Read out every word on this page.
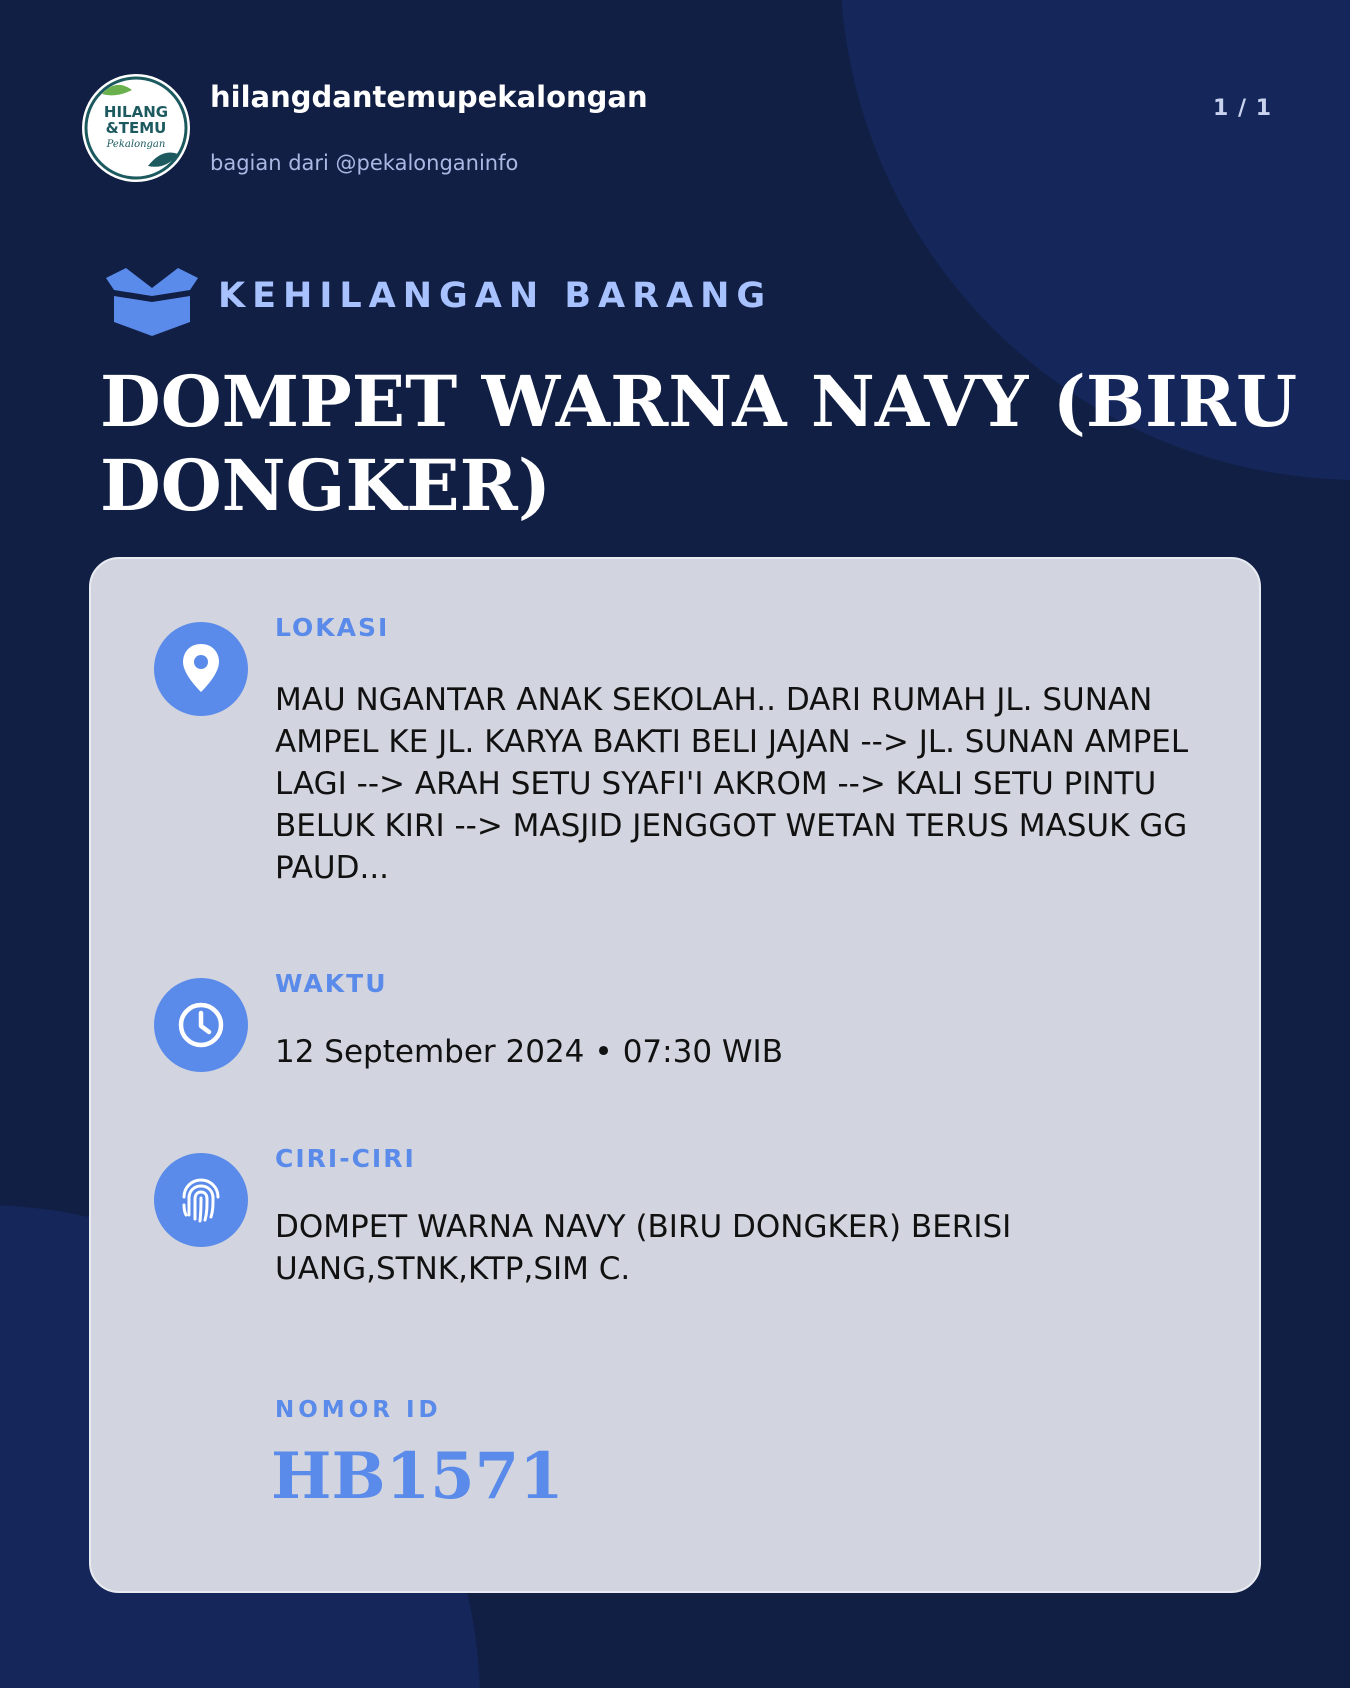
HILANG
&TEMU
Pekalongan
hilangdantemupekalongan
bagian dari @pekalonganinfo
1 / 1
KEHILANGAN BARANG
DOMPET WARNA NAVY (BIRU DONGKER)
LOKASI
MAU NGANTAR ANAK SEKOLAH.. DARI RUMAH JL. SUNAN AMPEL KE JL. KARYA BAKTI BELI JAJAN --> JL. SUNAN AMPEL LAGI --> ARAH SETU SYAFI'I AKROM --> KALI SETU PINTU BELUK KIRI --> MASJID JENGGOT WETAN TERUS MASUK GG PAUD...
WAKTU
12 September 2024 • 07:30 WIB
CIRI-CIRI
DOMPET WARNA NAVY (BIRU DONGKER) BERISI UANG,STNK,KTP,SIM C.
NOMOR ID
HB1571
